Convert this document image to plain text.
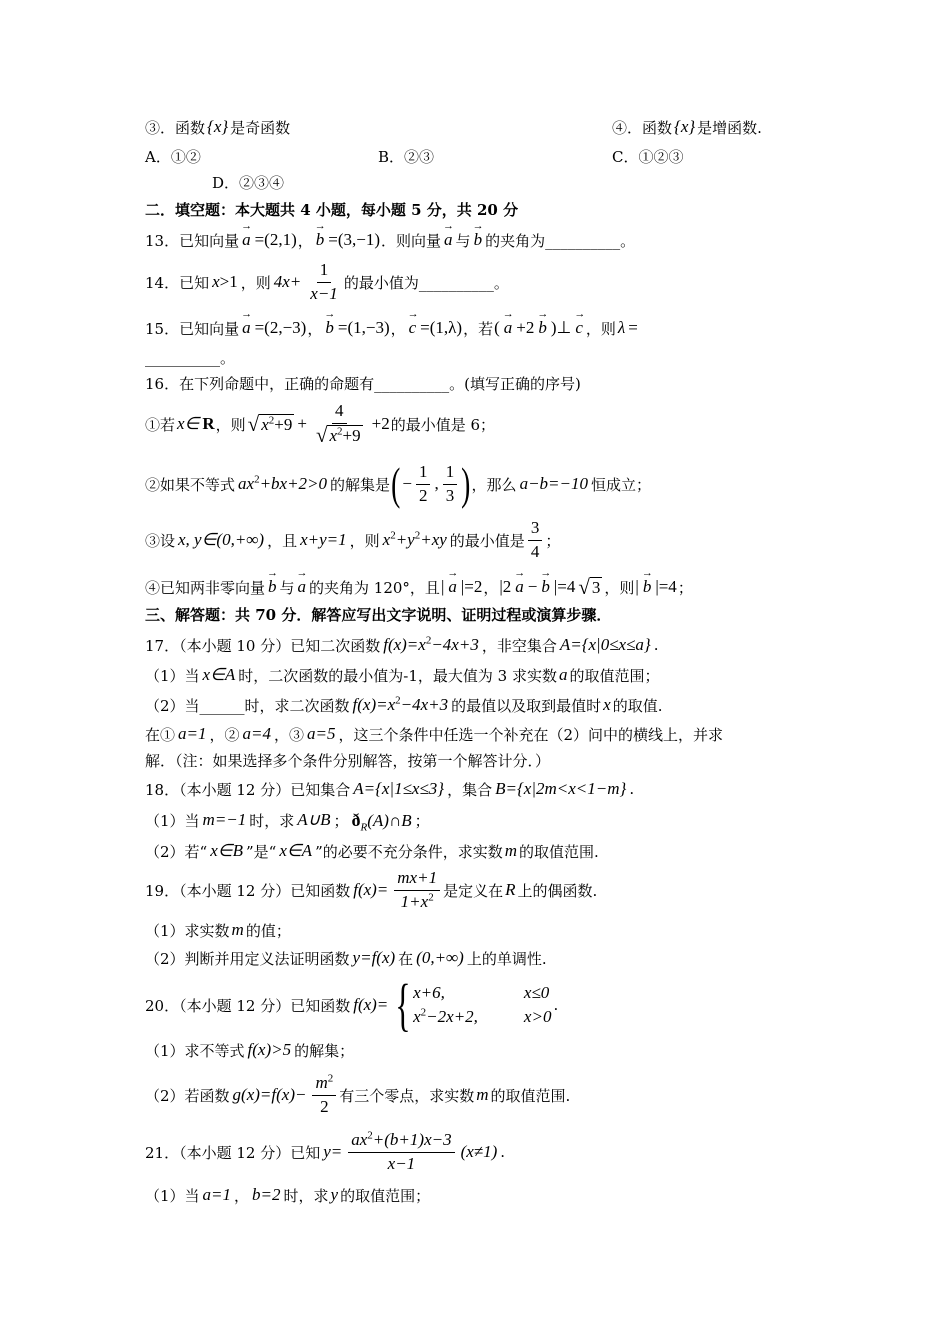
③．函数 {x} 是奇函数	④．函数 {x} 是增函数.
A．①②	B．②③	C．①②③
D．②③④
二．填空题：本大题共 4 小题，每小题 5 分，共 20 分
13．已知向量 → a =(2,1) ， → b =(3,−1) ．则向量 → a 与 → b 的夹角为__________。
14．已知 x>1 ，则 $4x+ \frac{1}{x-1}$ 的最小值为__________。
15．已知向量 → a =(2,−3) ， → b =(1,−3) ， → c =(1,λ) ，若 ( → a +2 → b )⊥ → c ，则 λ =
__________。
16．在下列命题中，正确的命题有__________。(填写正确的序号)
①若 x∈ R ，则 √ $x^2+9 + \frac{4}{√ x^2+9} +2$ 的最小值是 6；
②如果不等式 $ax^2+bx+2>0$ 的解集是 ( − $\frac{1}{2}$ , $\frac{1}{3}$ ) ，那么 a−b=−10 恒成立；
③设 x, y∈(0,+∞) ，且 x+y=1 ，则 $x^2+y^2+xy$ 的最小值是 $\frac{3}{4}$ ；
④已知两非零向量 → b 与 → a 的夹角为 120°，且 | → a |=2 ， |2 → a − → b |=4 √ 3 ，则 | → b |=4 ；
三、解答题：共 70 分．解答应写出文字说明、证明过程或演算步骤．
17．（本小题 10 分）已知二次函数 $f(x)=x^2-4x+3$ ，非空集合 A={x|0≤x≤a} .
（1）当 x∈A 时，二次函数的最小值为-1，最大值为 3 求实数 a 的取值范围；
（2）当______时，求二次函数 $f(x)=x^2-4x+3$ 的最值以及取到最值时 x 的取值.
在① a=1 ，② a=4 ，③ a=5 ，这三个条件中任选一个补充在（2）问中的横线上，并求
解．（注：如果选择多个条件分别解答，按第一个解答计分．）
18．（本小题 12 分）已知集合 A={x|1≤x≤3} ，集合 B={x|2m<x<1−m} .
（1）当 m=−1 时，求 A∪B ； $ð_R(A)\cap B$ ；
（2）若“ x∈B ”是“ x∈A ”的必要不充分条件，求实数 m 的取值范围.
19．（本小题 12 分）已知函数 $f(x)= \frac{mx+1}{1+x^2}$ 是定义在 R 上的偶函数.
（1）求实数 m 的值；
（2）判断并用定义法证明函数 y=f(x) 在 (0,+∞) 上的单调性.
20．（本小题 12 分）已知函数 f(x)= { x+6,	x≤0
$x^2-2x+2$,	x>0
.
（1）求不等式 f(x)>5 的解集；
（2）若函数 $g(x)=f(x)- \frac{m^2}{2}$ 有三个零点，求实数 m 的取值范围.
21．（本小题 12 分）已知 $y= \frac{ax^2+(b+1)x-3}{x-1} (x\ne 1)$ .
（1）当 a=1 ， b=2 时，求 y 的取值范围；
